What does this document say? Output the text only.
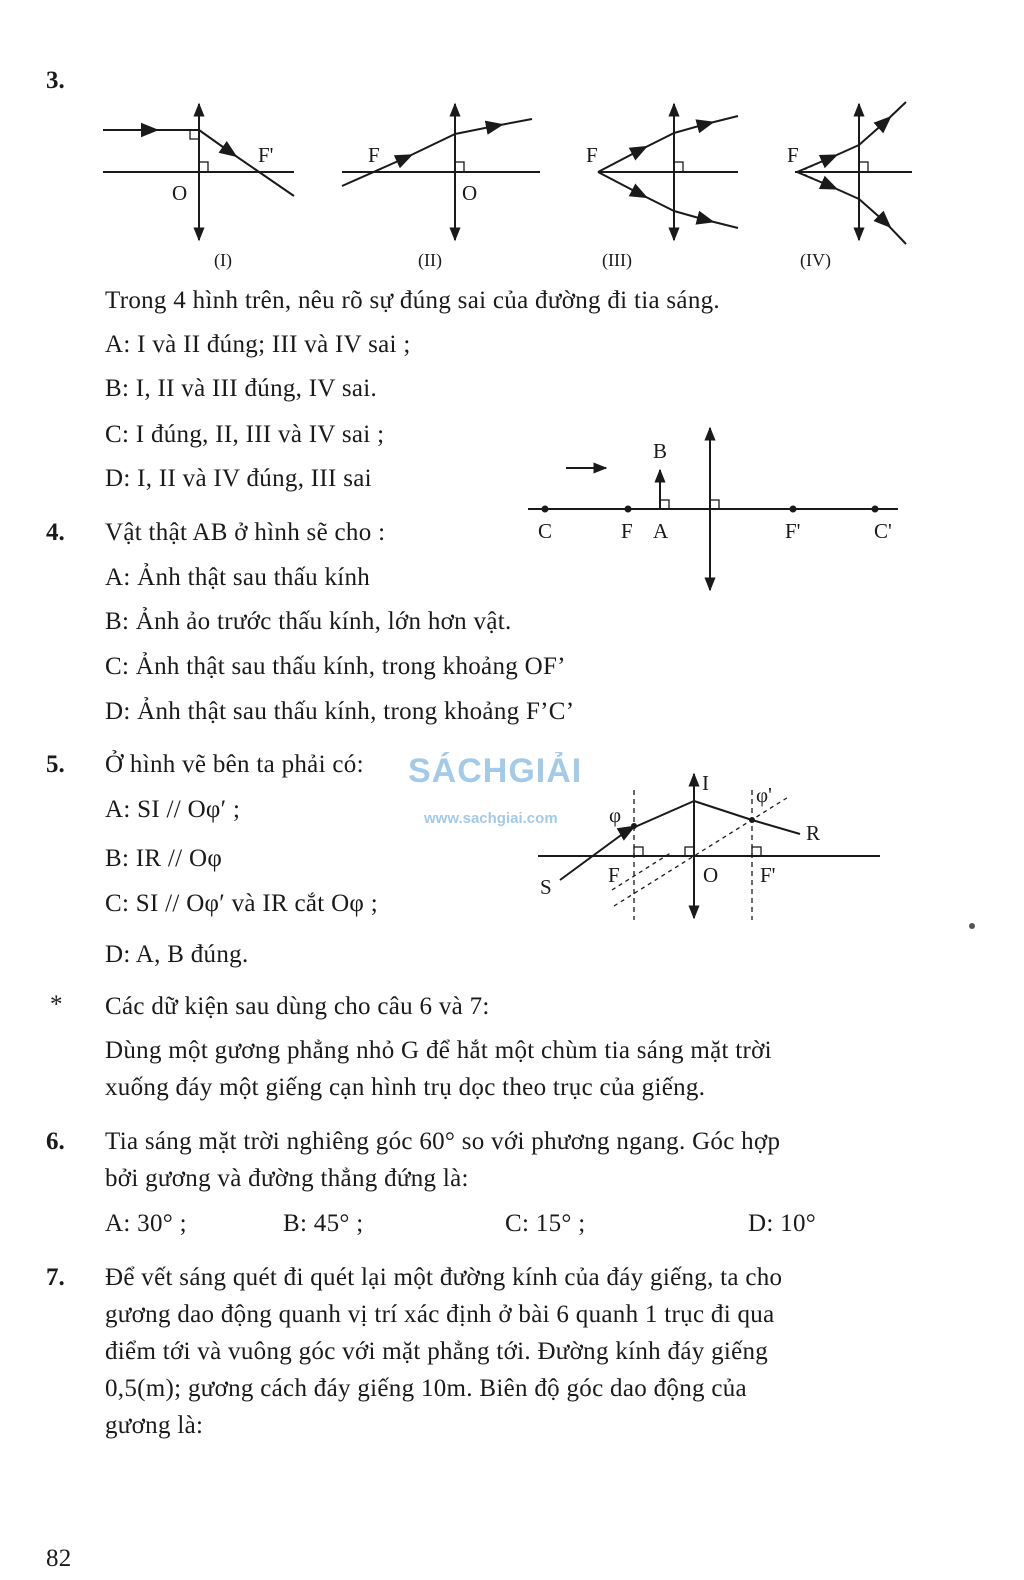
3.
O
F'
(I)
F
O
(II)
F
(III)
F
(IV)
Trong 4 hình trên, nêu rõ sự đúng sai của đường đi tia sáng.
A: I và II đúng; III và IV sai ;
B: I, II và III đúng, IV sai.
C: I đúng, II, III và IV sai ;
D: I, II và IV đúng, III sai
4. Vật thật AB ở hình sẽ cho :
A: Ảnh thật sau thấu kính
B: Ảnh ảo trước thấu kính, lớn hơn vật.
C: Ảnh thật sau thấu kính, trong khoảng OF’
D: Ảnh thật sau thấu kính, trong khoảng F’C’
B
C	F A	F'	C'
5. Ở hình vẽ bên ta phải có:
A: SI // Oφ′ ;
B: IR // Oφ
C: SI // Oφ′ và IR cắt Oφ ;
D: A, B đúng.
I
φ
φ'
R
S	F	O F'
SÁCHGIẢI
www.sachgiai.com
* Các dữ kiện sau dùng cho câu 6 và 7:
Dùng một gương phẳng nhỏ G để hắt một chùm tia sáng mặt trời
xuống đáy một giếng cạn hình trụ dọc theo trục của giếng.
6. Tia sáng mặt trời nghiêng góc 60° so với phương ngang. Góc hợp
bởi gương và đường thẳng đứng là:
A: 30° ;	B: 45° ;	C: 15° ;	D: 10°
7. Để vết sáng quét đi quét lại một đường kính của đáy giếng, ta cho
gương dao động quanh vị trí xác định ở bài 6 quanh 1 trục đi qua
điểm tới và vuông góc với mặt phẳng tới. Đường kính đáy giếng
0,5(m); gương cách đáy giếng 10m. Biên độ góc dao động của
gương là:
82
